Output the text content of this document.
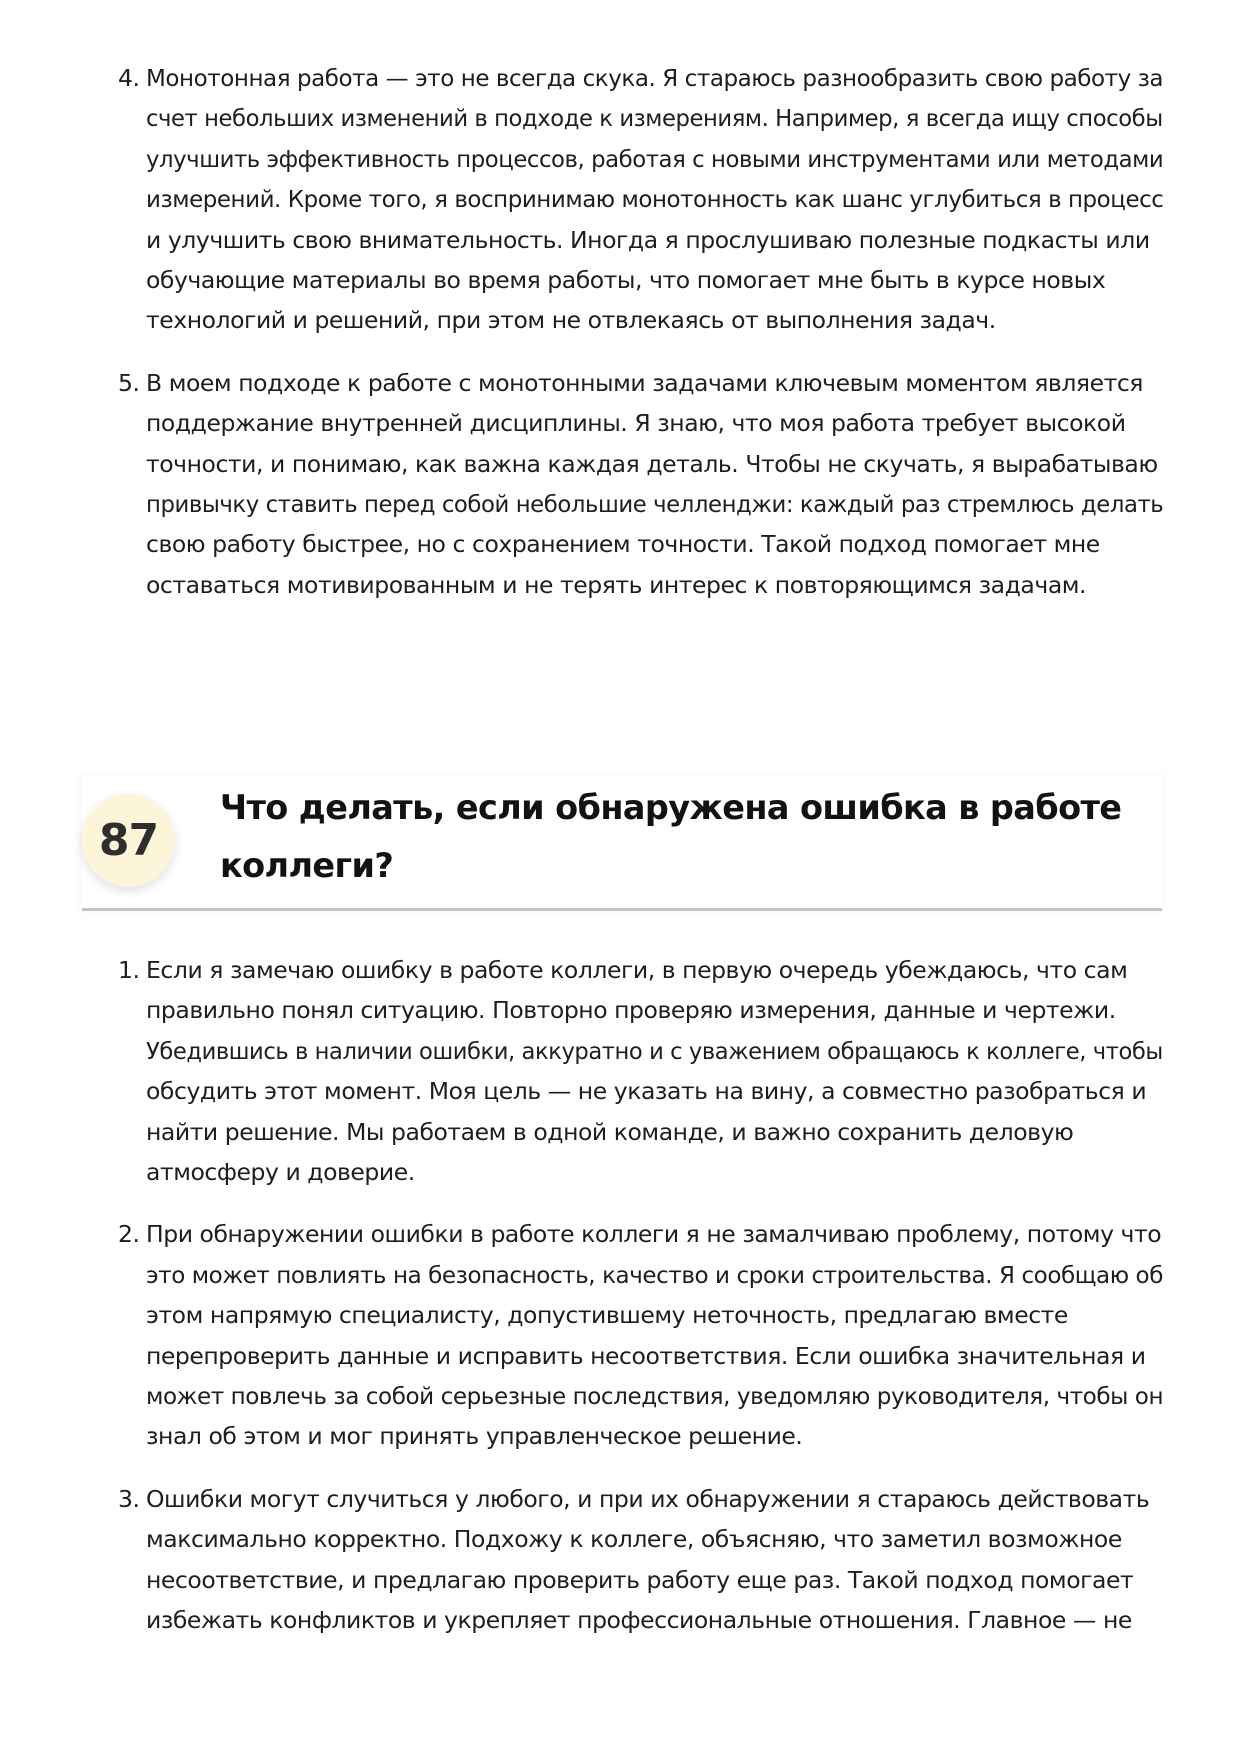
4. Монотонная работа — это не всегда скука. Я стараюсь разнообразить свою работу за
счет небольших изменений в подходе к измерениям. Например, я всегда ищу способы
улучшить эффективность процессов, работая с новыми инструментами или методами
измерений. Кроме того, я воспринимаю монотонность как шанс углубиться в процесс
и улучшить свою внимательность. Иногда я прослушиваю полезные подкасты или
обучающие материалы во время работы, что помогает мне быть в курсе новых
технологий и решений, при этом не отвлекаясь от выполнения задач.
5. В моем подходе к работе с монотонными задачами ключевым моментом является
поддержание внутренней дисциплины. Я знаю, что моя работа требует высокой
точности, и понимаю, как важна каждая деталь. Чтобы не скучать, я вырабатываю
привычку ставить перед собой небольшие челленджи: каждый раз стремлюсь делать
свою работу быстрее, но с сохранением точности. Такой подход помогает мне
оставаться мотивированным и не терять интерес к повторяющимся задачам.
87
Что делать, если обнаружена ошибка в работе
коллеги?
1. Если я замечаю ошибку в работе коллеги, в первую очередь убеждаюсь, что сам
правильно понял ситуацию. Повторно проверяю измерения, данные и чертежи.
Убедившись в наличии ошибки, аккуратно и с уважением обращаюсь к коллеге, чтобы
обсудить этот момент. Моя цель — не указать на вину, а совместно разобраться и
найти решение. Мы работаем в одной команде, и важно сохранить деловую
атмосферу и доверие.
2. При обнаружении ошибки в работе коллеги я не замалчиваю проблему, потому что
это может повлиять на безопасность, качество и сроки строительства. Я сообщаю об
этом напрямую специалисту, допустившему неточность, предлагаю вместе
перепроверить данные и исправить несоответствия. Если ошибка значительная и
может повлечь за собой серьезные последствия, уведомляю руководителя, чтобы он
знал об этом и мог принять управленческое решение.
3. Ошибки могут случиться у любого, и при их обнаружении я стараюсь действовать
максимально корректно. Подхожу к коллеге, объясняю, что заметил возможное
несоответствие, и предлагаю проверить работу еще раз. Такой подход помогает
избежать конфликтов и укрепляет профессиональные отношения. Главное — не
